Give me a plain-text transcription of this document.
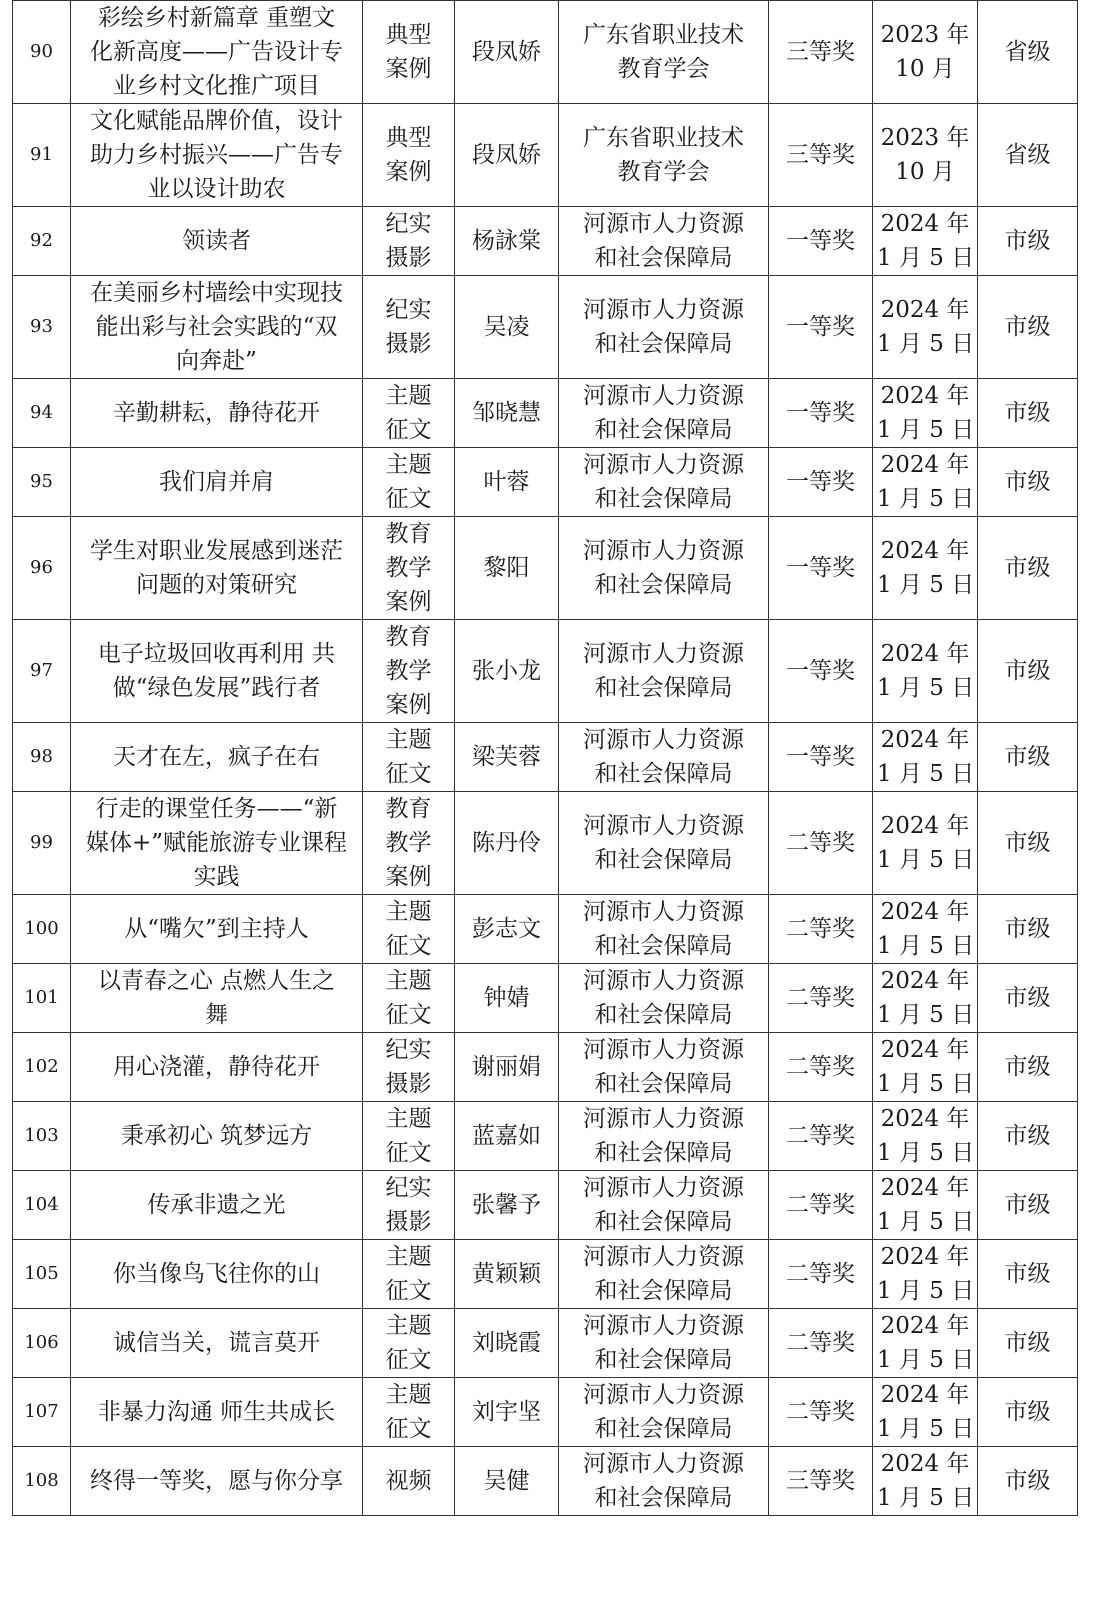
90	彩绘乡村新篇章 重塑文
化新高度——广告设计专
业乡村文化推广项目	典型
案例	段凤娇	广东省职业技术
教育学会	三等奖	2023 年
10 月	省级

91	文化赋能品牌价值，设计
助力乡村振兴——广告专
业以设计助农	典型
案例	段凤娇	广东省职业技术
教育学会	三等奖	2023 年
10 月	省级

92	领读者	纪实
摄影	杨詠棠	河源市人力资源
和社会保障局	一等奖	2024 年
1 月 5 日	市级

93	在美丽乡村墙绘中实现技
能出彩与社会实践的“双
向奔赴”	纪实
摄影	吴凌	河源市人力资源
和社会保障局	一等奖	2024 年
1 月 5 日	市级

94	辛勤耕耘，静待花开	主题
征文	邹晓慧	河源市人力资源
和社会保障局	一等奖	2024 年
1 月 5 日	市级

95	我们肩并肩	主题
征文	叶蓉	河源市人力资源
和社会保障局	一等奖	2024 年
1 月 5 日	市级

96	学生对职业发展感到迷茫
问题的对策研究	教育
教学
案例	黎阳	河源市人力资源
和社会保障局	一等奖	2024 年
1 月 5 日	市级

97	电子垃圾回收再利用 共
做“绿色发展”践行者	教育
教学
案例	张小龙	河源市人力资源
和社会保障局	一等奖	2024 年
1 月 5 日	市级

98	天才在左，疯子在右	主题
征文	梁芙蓉	河源市人力资源
和社会保障局	一等奖	2024 年
1 月 5 日	市级

99	行走的课堂任务——“新
媒体+”赋能旅游专业课程
实践	教育
教学
案例	陈丹伶	河源市人力资源
和社会保障局	二等奖	2024 年
1 月 5 日	市级

100	从“嘴欠”到主持人	主题
征文	彭志文	河源市人力资源
和社会保障局	二等奖	2024 年
1 月 5 日	市级

101	以青春之心 点燃人生之
舞	主题
征文	钟婧	河源市人力资源
和社会保障局	二等奖	2024 年
1 月 5 日	市级

102	用心浇灌，静待花开	纪实
摄影	谢丽娟	河源市人力资源
和社会保障局	二等奖	2024 年
1 月 5 日	市级

103	秉承初心 筑梦远方	主题
征文	蓝嘉如	河源市人力资源
和社会保障局	二等奖	2024 年
1 月 5 日	市级

104	传承非遗之光	纪实
摄影	张馨予	河源市人力资源
和社会保障局	二等奖	2024 年
1 月 5 日	市级

105	你当像鸟飞往你的山	主题
征文	黄颖颖	河源市人力资源
和社会保障局	二等奖	2024 年
1 月 5 日	市级

106	诚信当关，谎言莫开	主题
征文	刘晓霞	河源市人力资源
和社会保障局	二等奖	2024 年
1 月 5 日	市级

107	非暴力沟通 师生共成长	主题
征文	刘宇坚	河源市人力资源
和社会保障局	二等奖	2024 年
1 月 5 日	市级

108	终得一等奖，愿与你分享	视频	吴健	河源市人力资源
和社会保障局	三等奖	2024 年
1 月 5 日	市级
